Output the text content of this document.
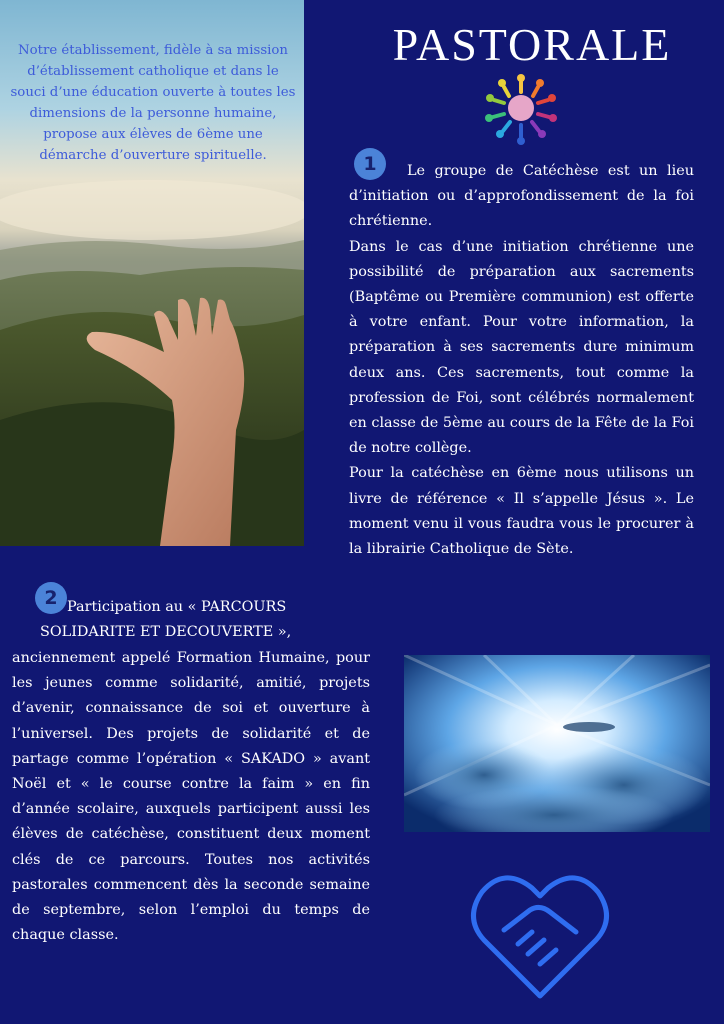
Notre établissement, fidèle à sa mission d’établissement catholique et dans le souci d’une éducation ouverte à toutes les dimensions de la personne humaine, propose aux élèves de 6ème une démarche d’ouverture spirituelle.
PASTORALE
1	Le groupe de Catéchèse est un lieu d’initiation ou d’approfondissement de la foi chrétienne.

Dans le cas d’une initiation chrétienne une possibilité de préparation aux sacrements (Baptême ou Première communion) est offerte à votre enfant. Pour votre information, la préparation à ses sacrements dure minimum deux ans. Ces sacrements, tout comme la profession de Foi, sont célébrés normalement en classe de 5ème au cours de la Fête de la Foi de notre collège.

Pour la catéchèse en 6ème nous utilisons un livre de référence « Il s’appelle Jésus ». Le moment venu il vous faudra vous le procurer à la librairie Catholique de Sète.

2 Participation au « PARCOURS
SOLIDARITE ET DECOUVERTE »,
anciennement appelé Formation Humaine, pour les jeunes comme solidarité, amitié, projets d’avenir, connaissance de soi et ouverture à l’universel. Des projets de solidarité et de partage comme l’opération « SAKADO » avant Noël et « le course contre la faim » en fin d’année scolaire, auxquels participent aussi les élèves de catéchèse, constituent deux moment clés de ce parcours. Toutes nos activités pastorales commencent dès la seconde semaine de septembre, selon l’emploi du temps de chaque classe.
